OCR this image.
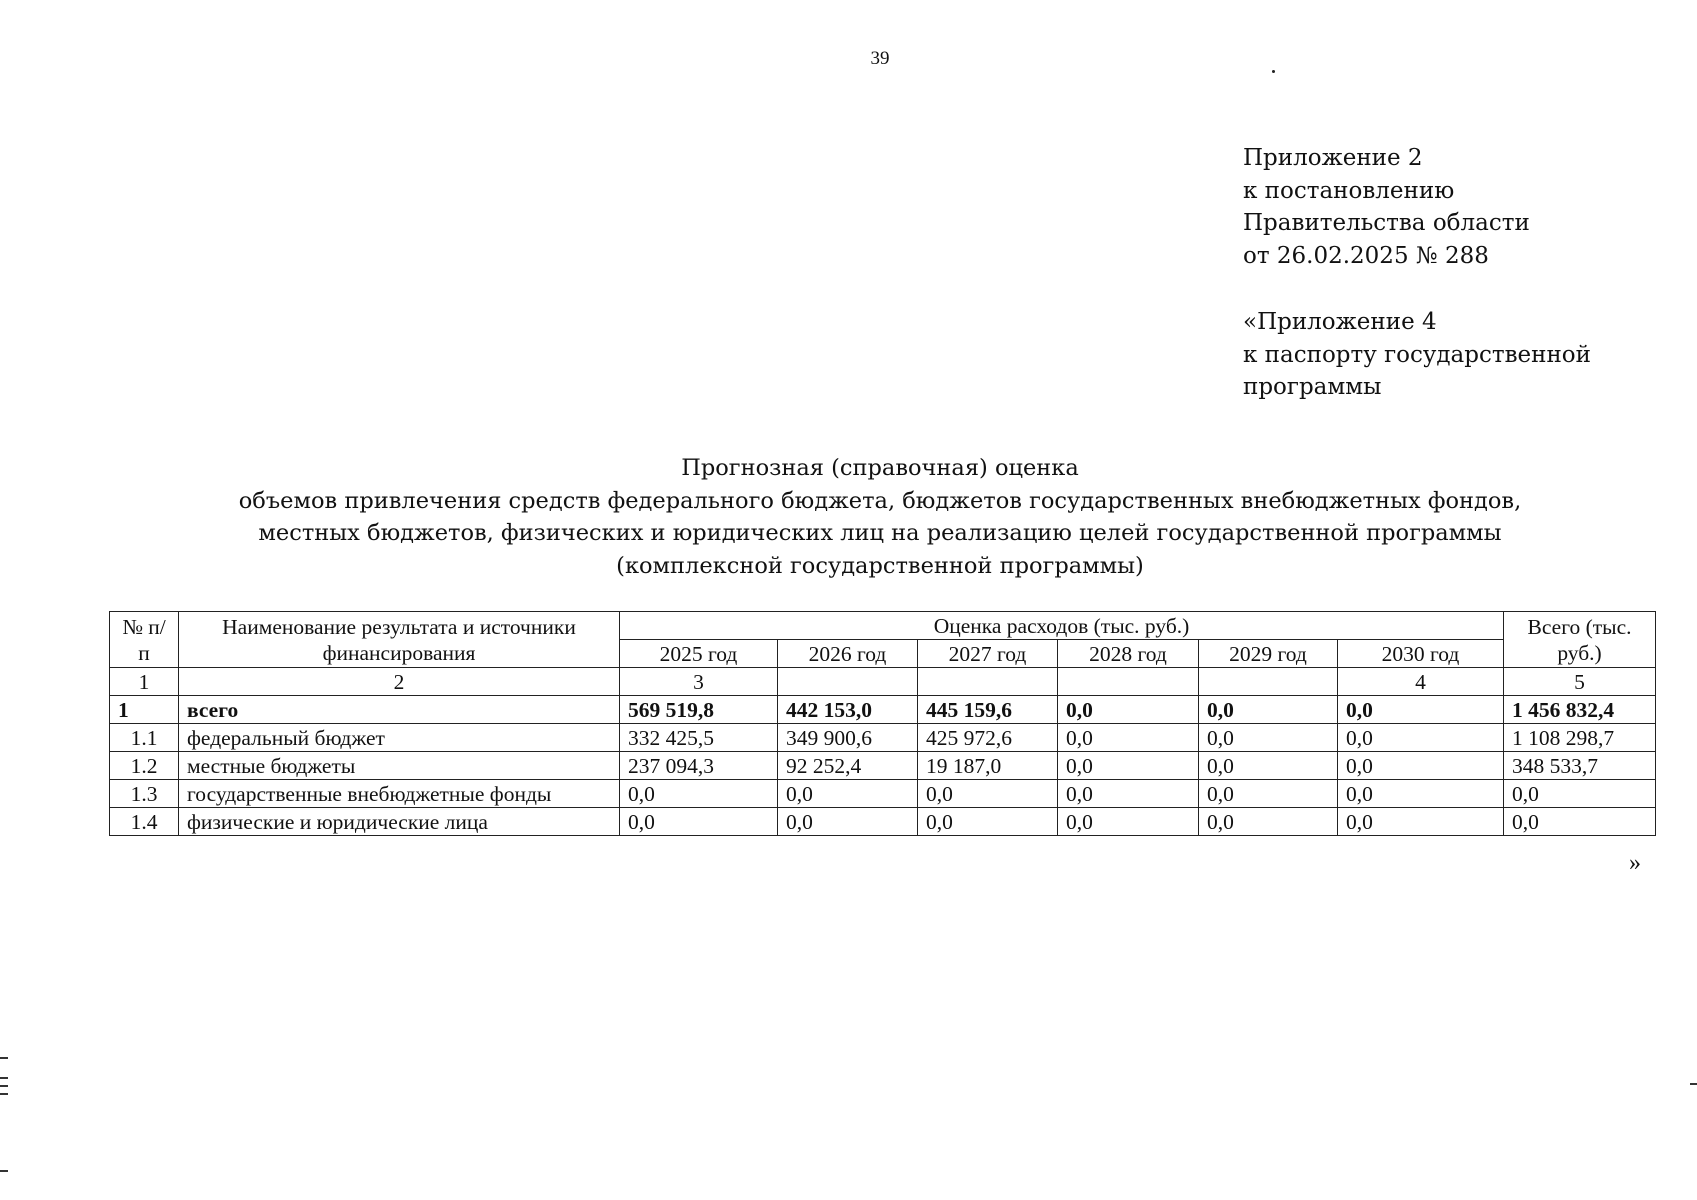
39
Приложение 2
к постановлению
Правительства области
от 26.02.2025 № 288
«Приложение 4
к паспорту государственной
программы
Прогнозная (справочная) оценка
объемов привлечения средств федерального бюджета, бюджетов государственных внебюджетных фондов,
местных бюджетов, физических и юридических лиц на реализацию целей государственной программы
(комплексной государственной программы)
№ п/п	Наименование результата и источники финансирования	Оценка расходов (тыс. руб.)						Всего (тыс. руб.)
		2025 год	2026 год	2027 год	2028 год	2029 год	2030 год	
1	2	3					4	5
1	всего	569 519,8	442 153,0	445 159,6	0,0	0,0	0,0	1 456 832,4
1.1	федеральный бюджет	332 425,5	349 900,6	425 972,6	0,0	0,0	0,0	1 108 298,7
1.2	местные бюджеты	237 094,3	92 252,4	19 187,0	0,0	0,0	0,0	348 533,7
1.3	государственные внебюджетные фонды	0,0	0,0	0,0	0,0	0,0	0,0	0,0
1.4	физические и юридические лица	0,0	0,0	0,0	0,0	0,0	0,0	0,0
»
